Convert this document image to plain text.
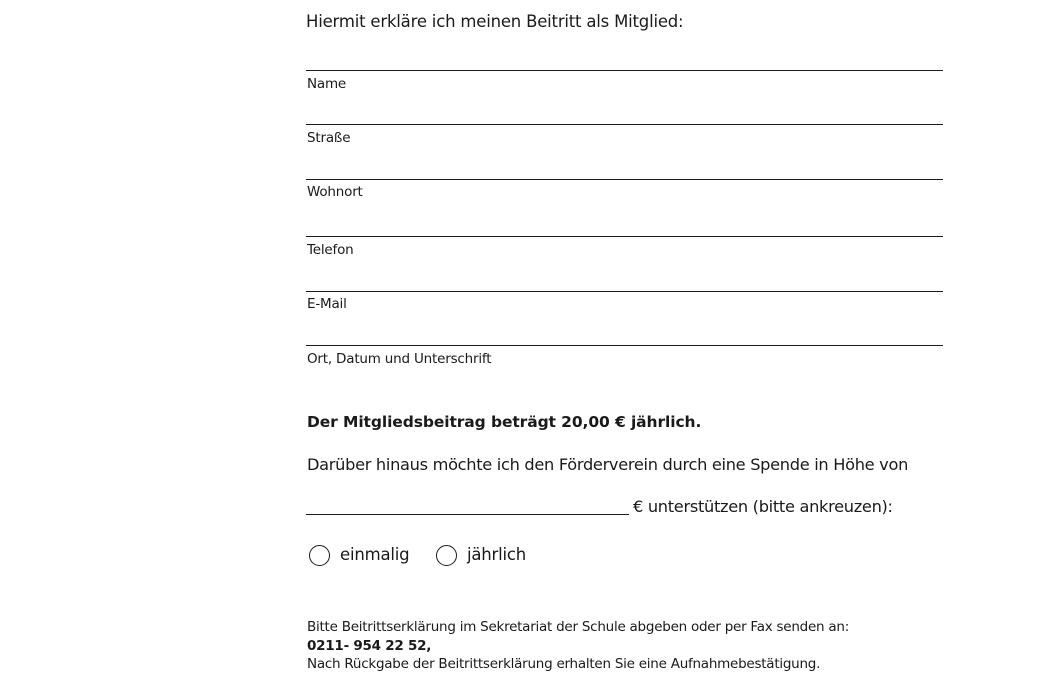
Hiermit erkläre ich meinen Beitritt als Mitglied:
Name
Straße
Wohnort
Telefon
E-Mail
Ort, Datum und Unterschrift
Der Mitgliedsbeitrag beträgt 20,00 € jährlich.
Darüber hinaus möchte ich den Förderverein durch eine Spende in Höhe von
€ unterstützen (bitte ankreuzen):
einmalig	jährlich
Bitte Beitrittserklärung im Sekretariat der Schule abgeben oder per Fax senden an:
0211- 954 22 52,
Nach Rückgabe der Beitrittserklärung erhalten Sie eine Aufnahmebestätigung.
